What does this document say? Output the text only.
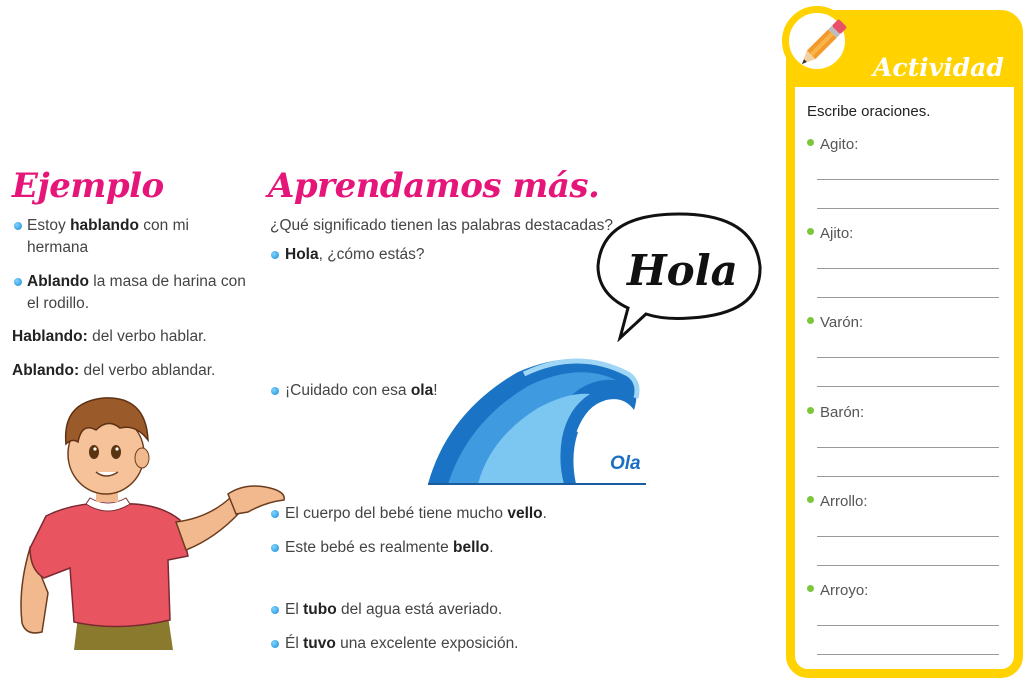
Ejemplo
Estoy hablando con mi
hermana
Ablando la masa de harina con
el rodillo.
Hablando: del verbo hablar.
Ablando: del verbo ablandar.
Aprendamos más.
¿Qué significado tienen las palabras destacadas?
Hola, ¿cómo estás?
¡Cuidado con esa ola!
El cuerpo del bebé tiene mucho vello.
Este bebé es realmente bello.
El tubo del agua está averiado.
Él tuvo una excelente exposición.
Hola
Ola
Actividad
Escribe oraciones.
Agito:
Ajito:
Varón:
Barón:
Arrollo:
Arroyo:
